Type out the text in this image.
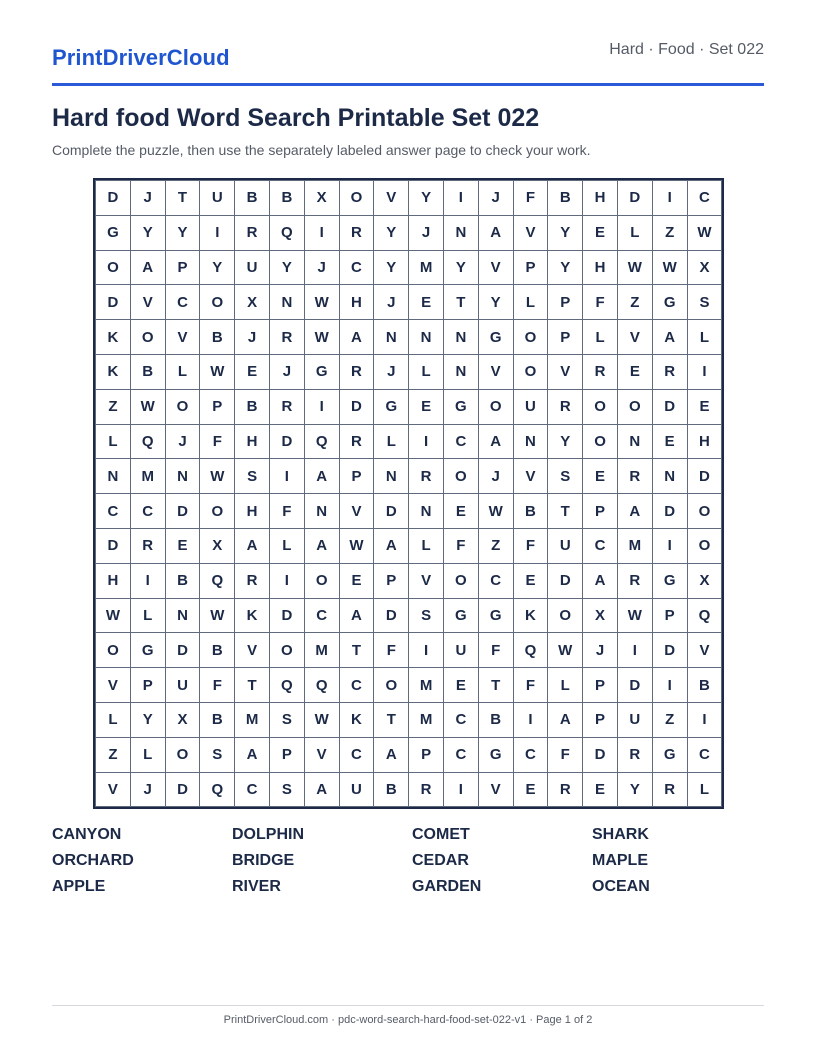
PrintDriverCloud	Hard · Food · Set 022
Hard food Word Search Printable Set 022
Complete the puzzle, then use the separately labeled answer page to check your work.
D	J	T	U	B	B	X	O	V	Y	I	J	F	B	H	D	I	C
G	Y	Y	I	R	Q	I	R	Y	J	N	A	V	Y	E	L	Z	W
O	A	P	Y	U	Y	J	C	Y	M	Y	V	P	Y	H	W	W	X
D	V	C	O	X	N	W	H	J	E	T	Y	L	P	F	Z	G	S
K	O	V	B	J	R	W	A	N	N	N	G	O	P	L	V	A	L
K	B	L	W	E	J	G	R	J	L	N	V	O	V	R	E	R	I
Z	W	O	P	B	R	I	D	G	E	G	O	U	R	O	O	D	E
L	Q	J	F	H	D	Q	R	L	I	C	A	N	Y	O	N	E	H
N	M	N	W	S	I	A	P	N	R	O	J	V	S	E	R	N	D
C	C	D	O	H	F	N	V	D	N	E	W	B	T	P	A	D	O
D	R	E	X	A	L	A	W	A	L	F	Z	F	U	C	M	I	O
H	I	B	Q	R	I	O	E	P	V	O	C	E	D	A	R	G	X
W	L	N	W	K	D	C	A	D	S	G	G	K	O	X	W	P	Q
O	G	D	B	V	O	M	T	F	I	U	F	Q	W	J	I	D	V
V	P	U	F	T	Q	Q	C	O	M	E	T	F	L	P	D	I	B
L	Y	X	B	M	S	W	K	T	M	C	B	I	A	P	U	Z	I
Z	L	O	S	A	P	V	C	A	P	C	G	C	F	D	R	G	C
V	J	D	Q	C	S	A	U	B	R	I	V	E	R	E	Y	R	L
CANYON	DOLPHIN	COMET	SHARK
ORCHARD	BRIDGE	CEDAR	MAPLE
APPLE	RIVER	GARDEN	OCEAN
PrintDriverCloud.com · pdc-word-search-hard-food-set-022-v1 · Page 1 of 2
